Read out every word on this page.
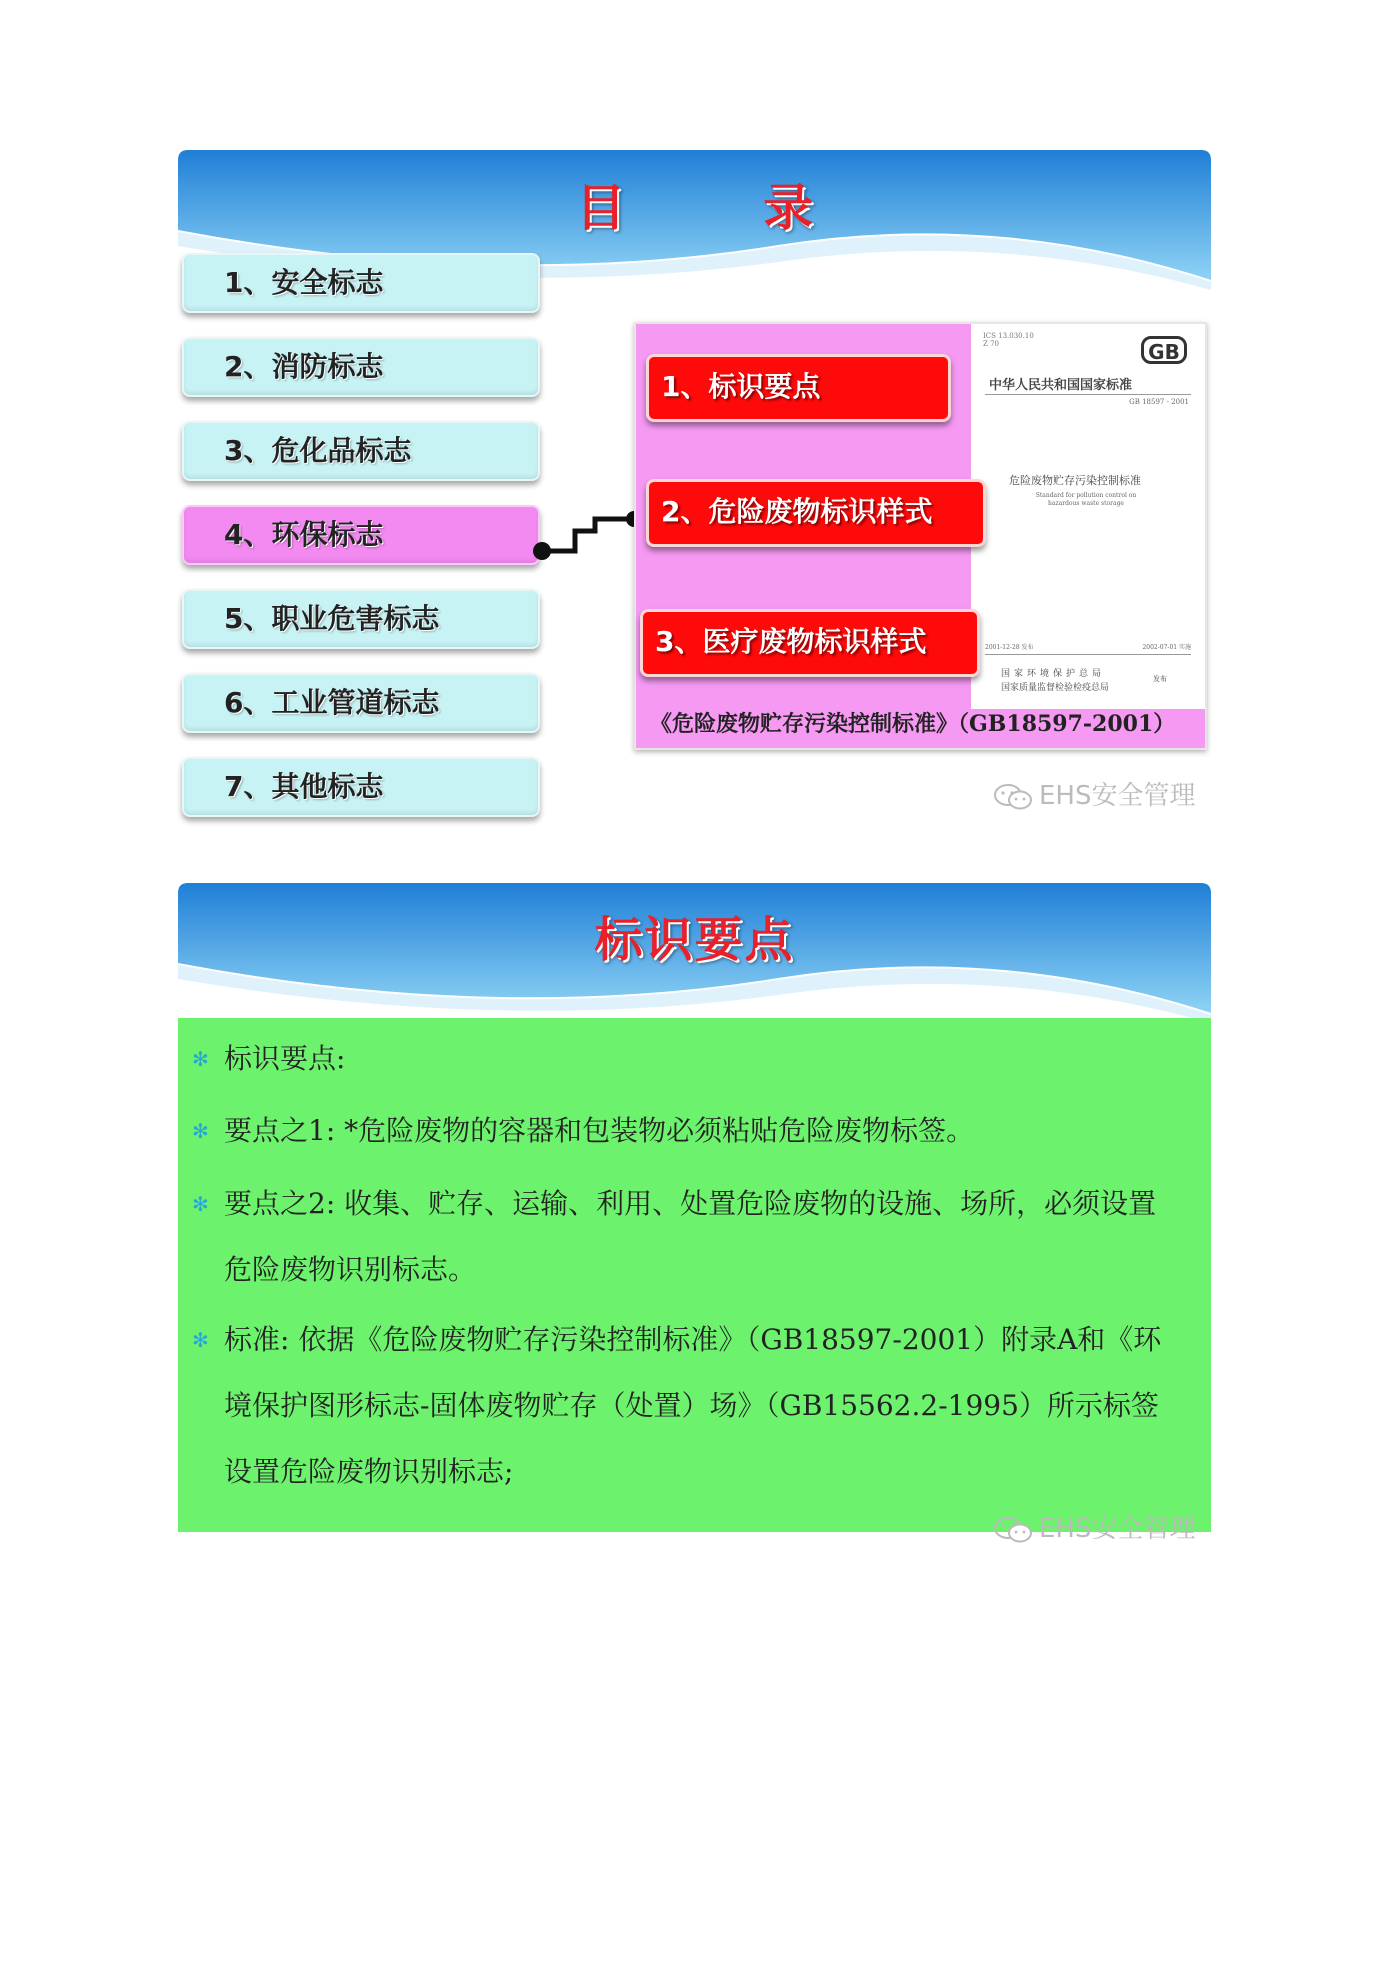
目 录
1、安全标志
2、消防标志
3、危化品标志
4、环保标志
5、职业危害标志
6、工业管道标志
7、其他标志
ICS 13.030.10
Z 70	GB
中华人民共和国国家标准
GB 18597 - 2001
危险废物贮存污染控制标准
Standard for pollution control on hazardous waste storage
2001-12-28 发布	2002-07-01 实施
国家环境保护总局
国家质量监督检验检疫总局
发布
1、标识要点
2、危险废物标识样式
3、医疗废物标识样式
《危险废物贮存污染控制标准》（GB18597-2001）
EHS安全管理
标识要点
✻ 标识要点:
✻ 要点之1: *危险废物的容器和包装物必须粘贴危险废物标签。
✻ 要点之2: 收集、贮存、运输、利用、处置危险废物的设施、场所，必须设置危险废物识别标志。
✻ 标准: 依据《危险废物贮存污染控制标准》（GB18597-2001）附录A和《环境保护图形标志-固体废物贮存（处置）场》（GB15562.2-1995）所示标签设置危险废物识别标志;
EHS安全管理
